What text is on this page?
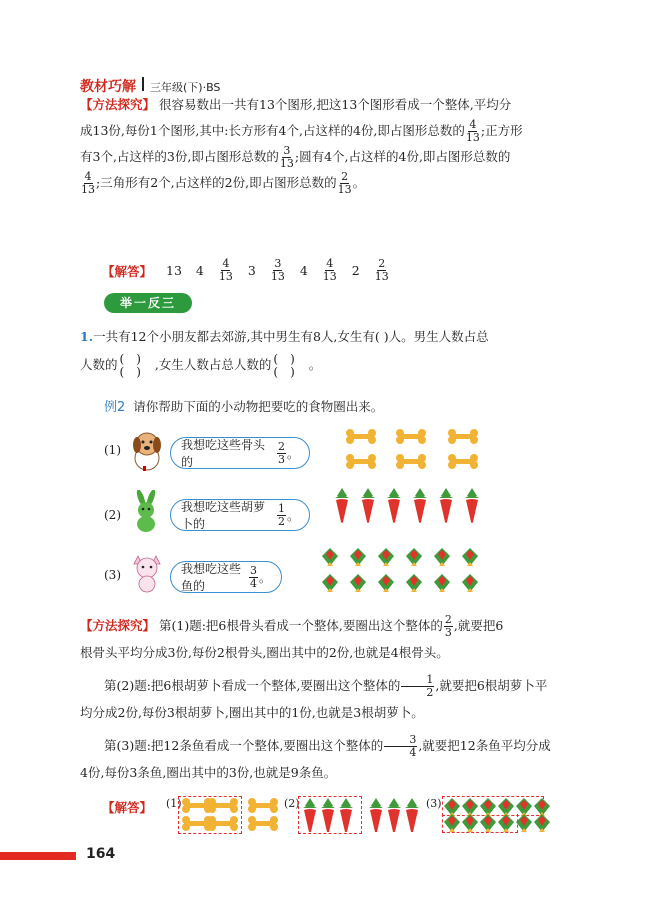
教材巧解 三年级(下)·BS
【方法探究】 很容易数出一共有13个图形,把这13个图形看成一个整体,平均分
成13份,每份1个图形,其中:长方形有4个,占这样的4份,即占图形总数的 $\frac{4}{13}$ ;正方形
有3个,占这样的3份,即占图形总数的 $\frac{3}{13}$ ;圆有4个,占这样的4份,即占图形总数的
$\frac{4}{13}$ ;三角形有2个,占这样的2份,即占图形总数的 $\frac{2}{13}$ 。
【解答】 13 $4 \frac{4}{13} 3 \frac{3}{13} 4 \frac{4}{13} 2 \frac{2}{13}$
举一反三
1.一共有12个小朋友都去郊游,其中男生有8人,女生有( )人。男生人数占总
人数的 ()
() ,女生人数占总人数的 ()
() 。
例2 请你帮助下面的小动物把要吃的食物圈出来。
(1)	我想吃这些骨头的	$\frac{2}{3}$ 。
(2)
我想吃这些胡萝卜的	$\frac{1}{2}$ 。
(3)	我想吃这些鱼的	$\frac{3}{4}$ 。
【方法探究】 第(1)题:把6根骨头看成一个整体,要圈出这个整体的 $\frac{2}{3}$ ,就要把6
根骨头平均分成3份,每份2根骨头,圈出其中的2份,也就是4根骨头。
第(2)题:把6根胡萝卜看成一个整体,要圈出这个整体的 $\frac{1}{2}$ ,就要把6根胡萝卜平
均分成2份,每份3根胡萝卜,圈出其中的1份,也就是3根胡萝卜。
第(3)题:把12条鱼看成一个整体,要圈出这个整体的 $\frac{3}{4}$ ,就要把12条鱼平均分成
4份,每份3条鱼,圈出其中的3份,也就是9条鱼。
【解答】 (1)	(2)	(3)
164
